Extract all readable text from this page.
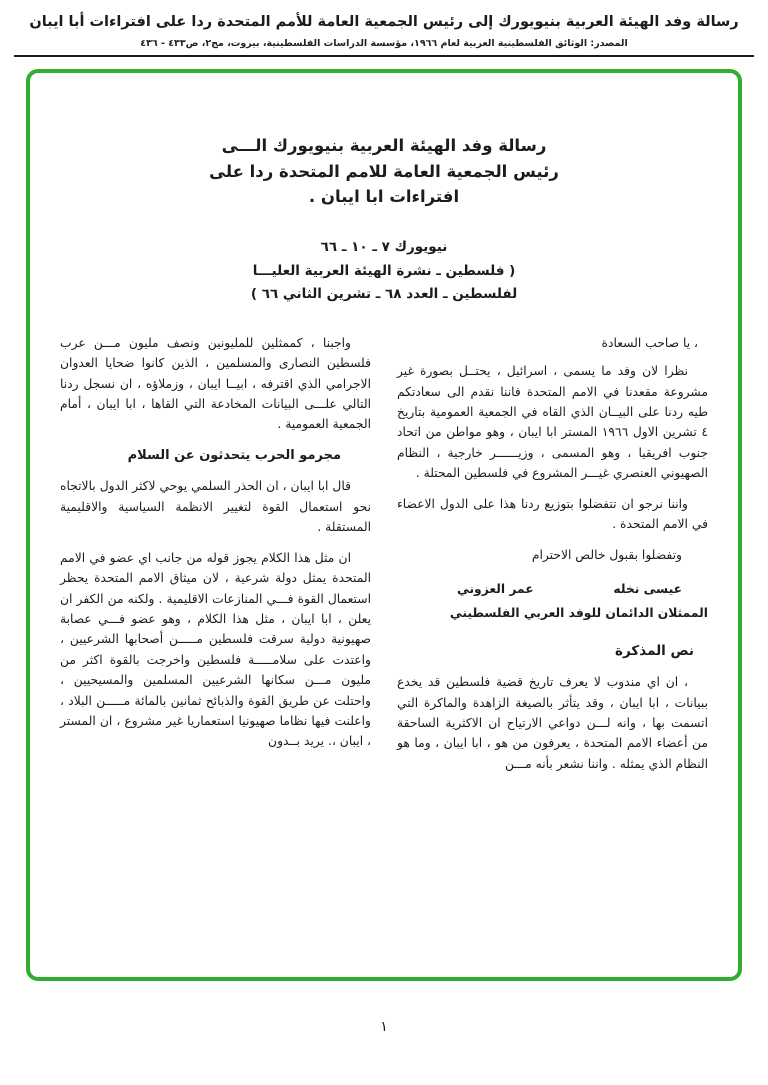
رسالة وفد الهيئة العربية بنيويورك إلى رئيس الجمعية العامة للأمم المتحدة ردا على افتراءات أبا ايبان
المصدر: الوثائق الفلسطينية العربية لعام ١٩٦٦، مؤسسة الدراسات الفلسطينية، بيروت، مج٢، ص٤٣٣ - ٤٣٦
رسالة وفد الهيئة العربية بنيويورك الـــى
رئيس الجمعية العامة للامم المتحدة ردا على
افتراءات ابا ايبان .
نيويورك ٧ ـ ١٠ ـ ٦٦
( فلسطين ـ نشرة الهيئة العربية العليـــا
لفلسطين ـ العدد ٦٨ ـ تشرين الثاني ٦٦ )
، يا صاحب السعادة
نظرا لان وفد ما يسمى ، اسرائيل ، يحتــل بصورة غير مشروعة مقعدنا في الامم المتحدة فاننا نقدم الى سعادتكم طيه ردنا على البيــان الذي القاه في الجمعية العمومية بتاريخ ٤ تشرين الاول ١٩٦٦ المستر ابا ايبان ، وهو مواطن من اتحاد جنوب افريقيا ، وهو المسمى ، وزيــــــر خارجية ، النظام الصهيوني العنصري غيـــر المشروع في فلسطين المحتلة .
واننا نرجو ان تتفضلوا بتوزيع ردنا هذا على الدول الاعضاء في الامم المتحدة .
وتفضلوا بقبول خالص الاحترام
عيسى نخله
عمر العزوني
الممثلان الدائمان للوفد العربي الفلسطيني
نص المذكرة
، ان اي مندوب لا يعرف تاريخ قضية فلسطين قد يخدع ببيانات ، ابا ايبان ، وقد يتأثر بالصيغة الزاهدة والماكرة التي اتسمت بها ، وانه لـــن دواعي الارتياح ان الاكثرية الساحقة من أعضاء الامم المتحدة ، يعرفون من هو ، ابا ايبان ، وما هو النظام الذي يمثله . واننا نشعر بأنه مـــن
واجبنا ، كممثلين للمليونين ونصف مليون مـــن عرب فلسطين النصارى والمسلمين ، الذين كانوا ضحايا العدوان الاجرامي الذي اقترفه ، ابيــا ايبان ، وزملاؤه ، ان نسجل ردنا التالي علـــى البيانات المخادعة التي القاها ، ابا ايبان ، أمام الجمعية العمومية .
مجرمو الحرب يتحدثون عن السلام
قال ابا ايبان ، ان الحذر السلمي يوحي لاكثر الدول بالاتجاه نحو استعمال القوة لتغيير الانظمة السياسية والاقليمية المستقلة .
ان مثل هذا الكلام يجوز قوله من جانب اي عضو في الامم المتحدة يمثل دولة شرعية ، لان ميثاق الامم المتحدة يحظر استعمال القوة فـــي المنازعات الاقليمية . ولكنه من الكفر ان يعلن ، ابا ايبان ، مثل هذا الكلام ، وهو عضو فـــي عصابة صهيونية دولية سرقت فلسطين مـــــن أصحابها الشرعيين ، واعتدت على سلامـــــة فلسطين واخرجت بالقوة اكثر من مليون مـــن سكانها الشرعيين المسلمين والمسيحيين ، واحتلت عن طريق القوة والذبائح ثمانين بالمائة مـــــن البلاد ، واعلنت فيها نظاما صهيونيا استعماريا غير مشروع ، ان المستر ، ايبان ،. يريد بــدون
١
